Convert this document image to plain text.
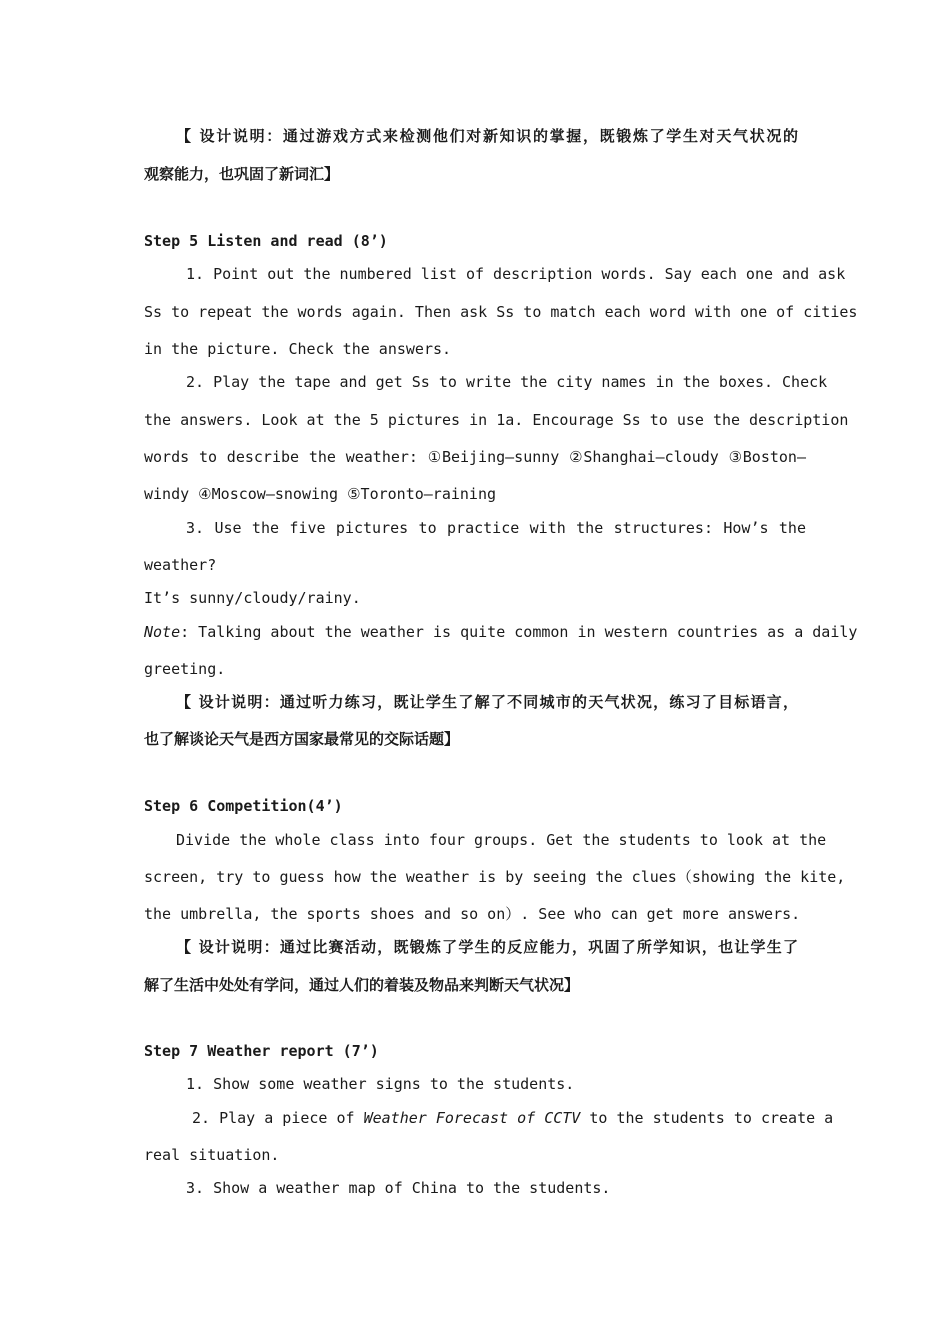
【 设计说明：通过游戏方式来检测他们对新知识的掌握，既锻炼了学生对天气状况的
观察能力，也巩固了新词汇】
Step 5 Listen and read (8’)
1. Point out the numbered list of description words. Say each one and ask
Ss to repeat the words again. Then ask Ss to match each word with one of cities
in the picture. Check the answers.
2. Play the tape and get Ss to write the city names in the boxes. Check
the answers. Look at the 5 pictures in 1a. Encourage Ss to use the description
words to describe the weather: ①Beijing—sunny ②Shanghai—cloudy ③Boston—
windy ④Moscow—snowing ⑤Toronto—raining
3. Use the five pictures to practice with the structures: How’s the
weather?
It’s sunny/cloudy/rainy.
Note: Talking about the weather is quite common in western countries as a daily
greeting.
【 设计说明：通过听力练习，既让学生了解了不同城市的天气状况，练习了目标语言，
也了解谈论天气是西方国家最常见的交际话题】
Step 6 Competition(4’)
Divide the whole class into four groups. Get the students to look at the
screen, try to guess how the weather is by seeing the clues（showing the kite,
the umbrella, the sports shoes and so on）. See who can get more answers.
【 设计说明：通过比赛活动，既锻炼了学生的反应能力，巩固了所学知识，也让学生了
解了生活中处处有学问，通过人们的着装及物品来判断天气状况】
Step 7 Weather report (7’)
1. Show some weather signs to the students.
2. Play a piece of Weather Forecast of CCTV to the students to create a
real situation.
3. Show a weather map of China to the students.
